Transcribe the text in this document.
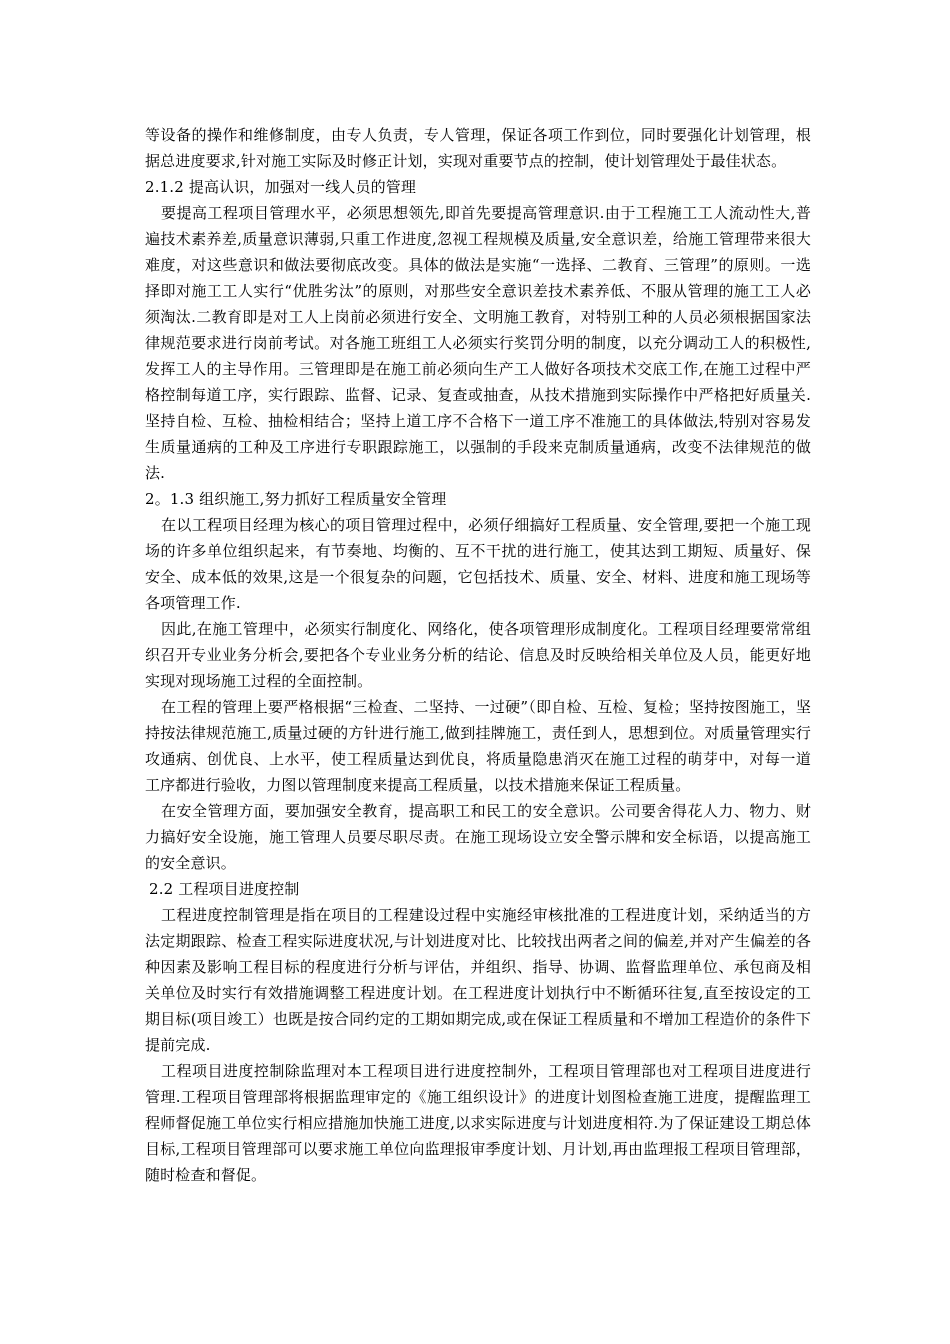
等设备的操作和维修制度，由专人负责，专人管理，保证各项工作到位，同时要强化计划管理，根据总进度要求,针对施工实际及时修正计划，实现对重要节点的控制，使计划管理处于最佳状态。

2.1.2 提高认识，加强对一线人员的管理

要提高工程项目管理水平，必须思想领先,即首先要提高管理意识.由于工程施工工人流动性大,普遍技术素养差,质量意识薄弱,只重工作进度,忽视工程规模及质量,安全意识差，给施工管理带来很大难度，对这些意识和做法要彻底改变。具体的做法是实施“一选择、二教育、三管理”的原则。一选择即对施工工人实行“优胜劣汰”的原则，对那些安全意识差技术素养低、不服从管理的施工工人必须淘汰.二教育即是对工人上岗前必须进行安全、文明施工教育，对特别工种的人员必须根据国家法律规范要求进行岗前考试。对各施工班组工人必须实行奖罚分明的制度，以充分调动工人的积极性,发挥工人的主导作用。三管理即是在施工前必须向生产工人做好各项技术交底工作,在施工过程中严格控制每道工序，实行跟踪、监督、记录、复查或抽查，从技术措施到实际操作中严格把好质量关.坚持自检、互检、抽检相结合；坚持上道工序不合格下一道工序不准施工的具体做法,特别对容易发生质量通病的工种及工序进行专职跟踪施工，以强制的手段来克制质量通病，改变不法律规范的做法.

2。1.3 组织施工,努力抓好工程质量安全管理

在以工程项目经理为核心的项目管理过程中，必须仔细搞好工程质量、安全管理,要把一个施工现场的许多单位组织起来，有节奏地、均衡的、互不干扰的进行施工，使其达到工期短、质量好、保安全、成本低的效果,这是一个很复杂的问题，它包括技术、质量、安全、材料、进度和施工现场等各项管理工作.

因此,在施工管理中，必须实行制度化、网络化，使各项管理形成制度化。工程项目经理要常常组织召开专业业务分析会,要把各个专业业务分析的结论、信息及时反映给相关单位及人员，能更好地实现对现场施工过程的全面控制。

在工程的管理上要严格根据“三检查、二坚持、一过硬”（即自检、互检、复检；坚持按图施工，坚持按法律规范施工,质量过硬的方针进行施工,做到挂牌施工，责任到人，思想到位。对质量管理实行攻通病、创优良、上水平，使工程质量达到优良，将质量隐患消灭在施工过程的萌芽中，对每一道工序都进行验收，力图以管理制度来提高工程质量，以技术措施来保证工程质量。

在安全管理方面，要加强安全教育，提高职工和民工的安全意识。公司要舍得花人力、物力、财力搞好安全设施，施工管理人员要尽职尽责。在施工现场设立安全警示牌和安全标语，以提高施工的安全意识。

2.2 工程项目进度控制

工程进度控制管理是指在项目的工程建设过程中实施经审核批准的工程进度计划，采纳适当的方法定期跟踪、检查工程实际进度状况,与计划进度对比、比较找出两者之间的偏差,并对产生偏差的各种因素及影响工程目标的程度进行分析与评估，并组织、指导、协调、监督监理单位、承包商及相关单位及时实行有效措施调整工程进度计划。在工程进度计划执行中不断循环往复,直至按设定的工期目标(项目竣工）也既是按合同约定的工期如期完成,或在保证工程质量和不增加工程造价的条件下提前完成.

工程项目进度控制除监理对本工程项目进行进度控制外，工程项目管理部也对工程项目进度进行管理.工程项目管理部将根据监理审定的《施工组织设计》的进度计划图检查施工进度，提醒监理工程师督促施工单位实行相应措施加快施工进度,以求实际进度与计划进度相符.为了保证建设工期总体目标,工程项目管理部可以要求施工单位向监理报审季度计划、月计划,再由监理报工程项目管理部，随时检查和督促。
